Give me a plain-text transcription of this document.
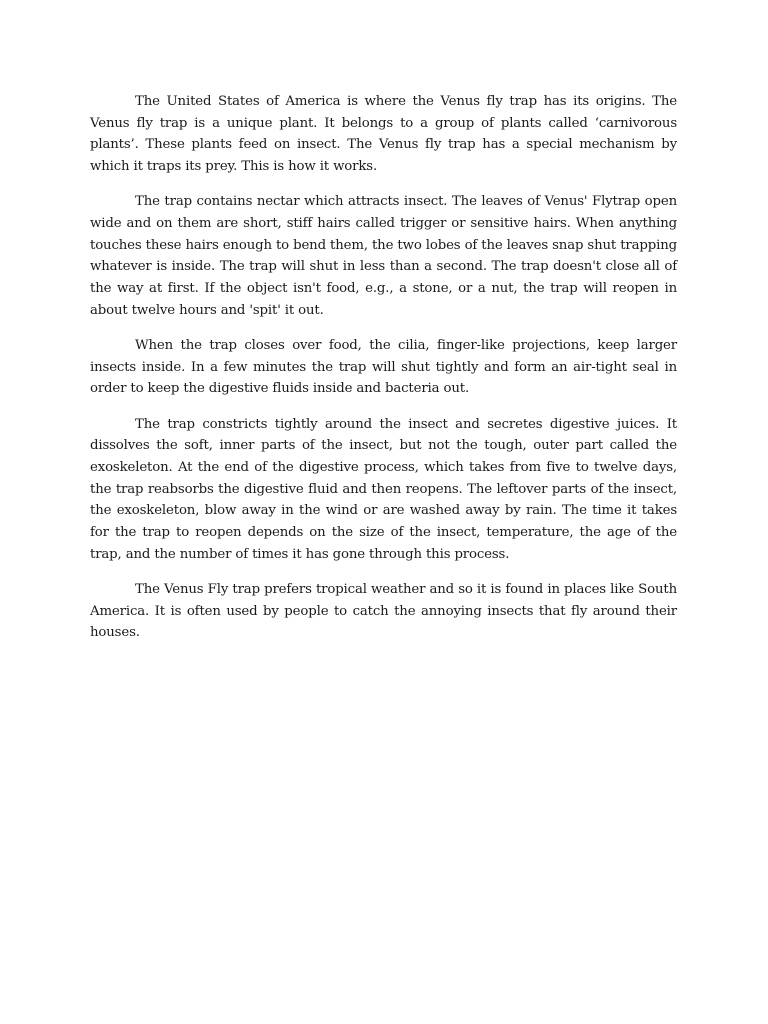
The United States of America is where the Venus fly trap has its origins. The Venus fly trap is a unique plant. It belongs to a group of plants called ‘carnivorous plants’. These plants feed on insect. The Venus fly trap has a special mechanism by which it traps its prey. This is how it works.

The trap contains nectar which attracts insect. The leaves of Venus' Flytrap open wide and on them are short, stiff hairs called trigger or sensitive hairs. When anything touches these hairs enough to bend them, the two lobes of the leaves snap shut trapping whatever is inside. The trap will shut in less than a second. The trap doesn't close all of the way at first. If the object isn't food, e.g., a stone, or a nut, the trap will reopen in about twelve hours and 'spit' it out.

When the trap closes over food, the cilia, finger-like projections, keep larger insects inside. In a few minutes the trap will shut tightly and form an air-tight seal in order to keep the digestive fluids inside and bacteria out.

The trap constricts tightly around the insect and secretes digestive juices. It dissolves the soft, inner parts of the insect, but not the tough, outer part called the exoskeleton. At the end of the digestive process, which takes from five to twelve days, the trap reabsorbs the digestive fluid and then reopens. The leftover parts of the insect, the exoskeleton, blow away in the wind or are washed away by rain. The time it takes for the trap to reopen depends on the size of the insect, temperature, the age of the trap, and the number of times it has gone through this process.

The Venus Fly trap prefers tropical weather and so it is found in places like South America. It is often used by people to catch the annoying insects that fly around their houses.
